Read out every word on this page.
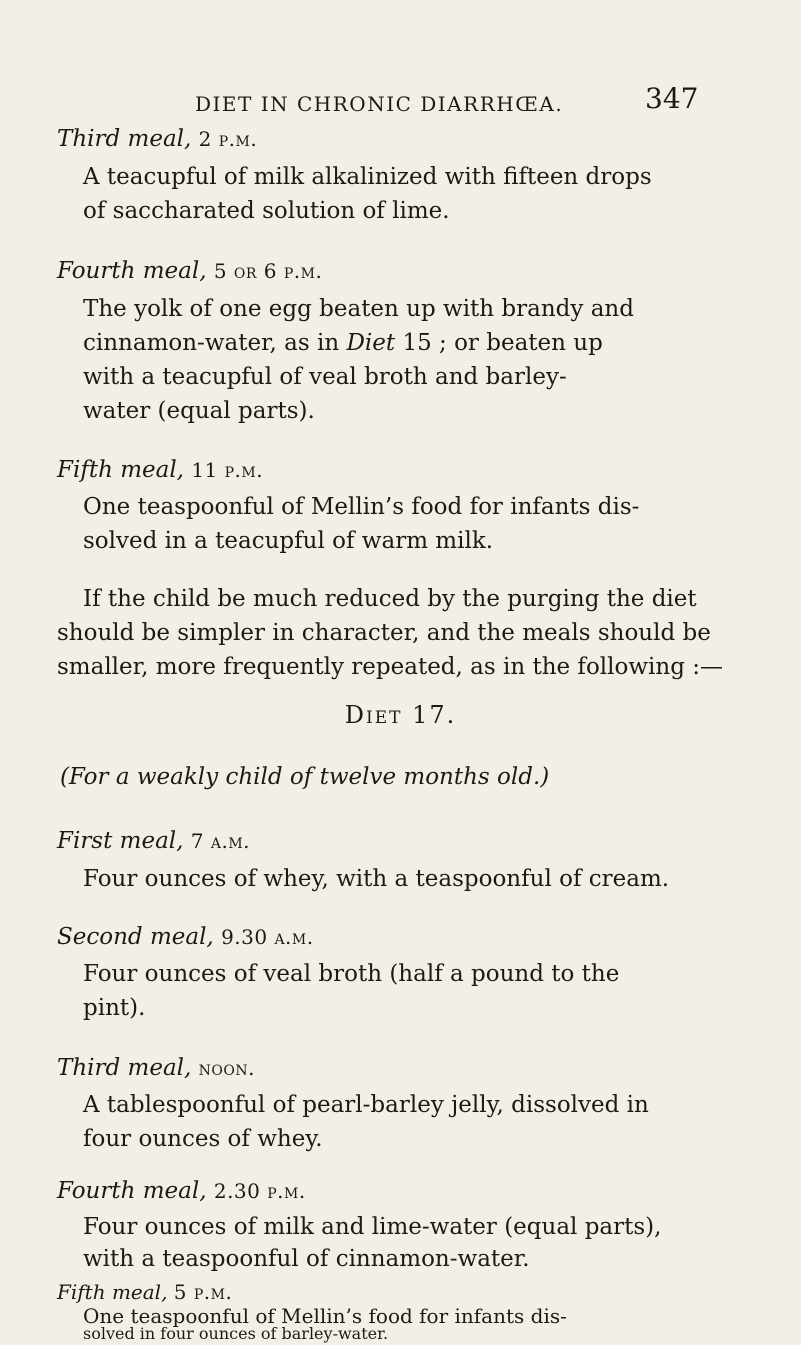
DIET IN CHRONIC DIARRHŒA.	347
Third meal, 2 p.m.
A teacupful of milk alkalinized with fifteen drops
of saccharated solution of lime.
Fourth meal, 5 or 6 p.m.
The yolk of one egg beaten up with brandy and
cinnamon-water, as in Diet 15 ; or beaten up
with a teacupful of veal broth and barley-
water (equal parts).
Fifth meal, 11 p.m.
One teaspoonful of Mellin’s food for infants dis-
solved in a teacupful of warm milk.
If the child be much reduced by the purging the diet
should be simpler in character, and the meals should be
smaller, more frequently repeated, as in the following :—
Diet 17.
(For a weakly child of twelve months old.)
First meal, 7 a.m.
Four ounces of whey, with a teaspoonful of cream.
Second meal, 9.30 a.m.
Four ounces of veal broth (half a pound to the
pint).
Third meal, noon.
A tablespoonful of pearl-barley jelly, dissolved in
four ounces of whey.
Fourth meal, 2.30 p.m.
Four ounces of milk and lime-water (equal parts),
with a teaspoonful of cinnamon-water.
Fifth meal, 5 p.m.
One teaspoonful of Mellin’s food for infants dis-
solved in four ounces of barley-water.
